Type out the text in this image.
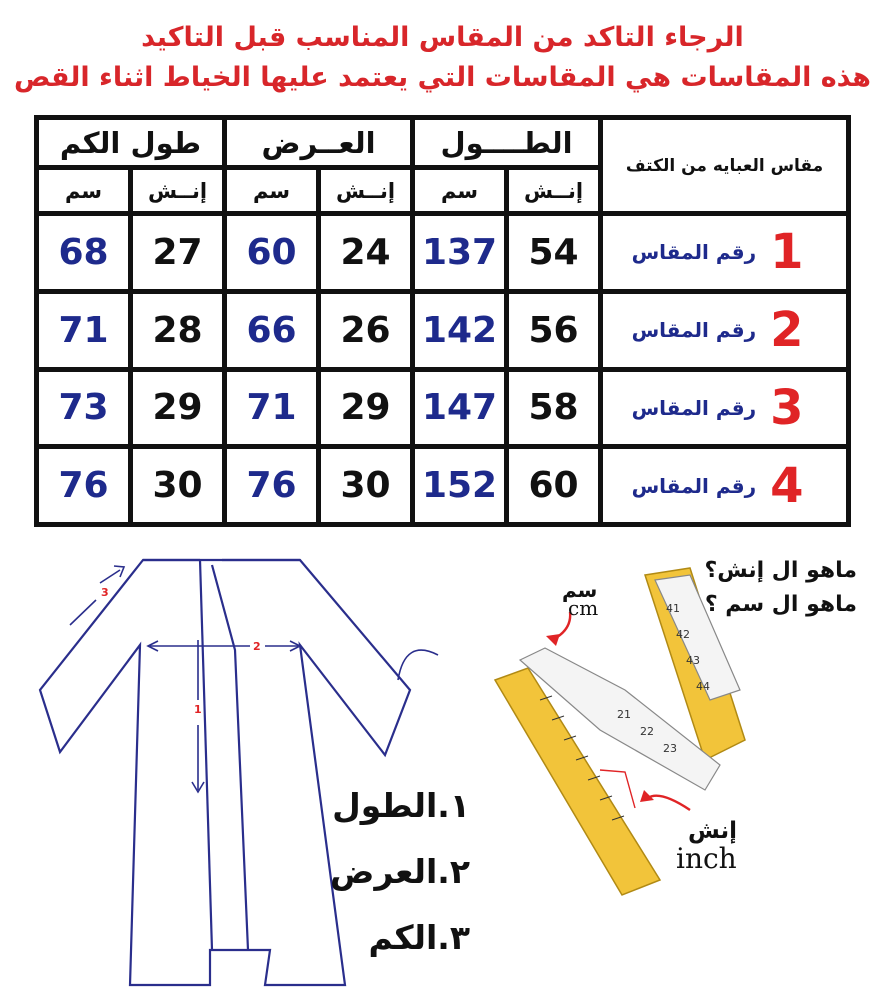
الرجاء التاكد من المقاس المناسب قبل التاكيد
هذه المقاسات هي المقاسات التي يعتمد عليها الخياط اثناء القص
طول الكم		العــرض		الطــــول		مقاس العبايه من الكتف
سم	إنــش	سم	إنــش	سم	إنــش	
68	27	60	24	137	54	1رقم المقاس
71	28	66	26	142	56	2رقم المقاس
73	29	71	29	147	58	3رقم المقاس
76	30	76	30	152	60	4رقم المقاس
1
2
3
41
42
43
44
21
22
23
سم
cm
إنش
inch
ماهو ال إنش؟
ماهو ال سم ؟
١.الطول
٢.العرض
٣.الكم
